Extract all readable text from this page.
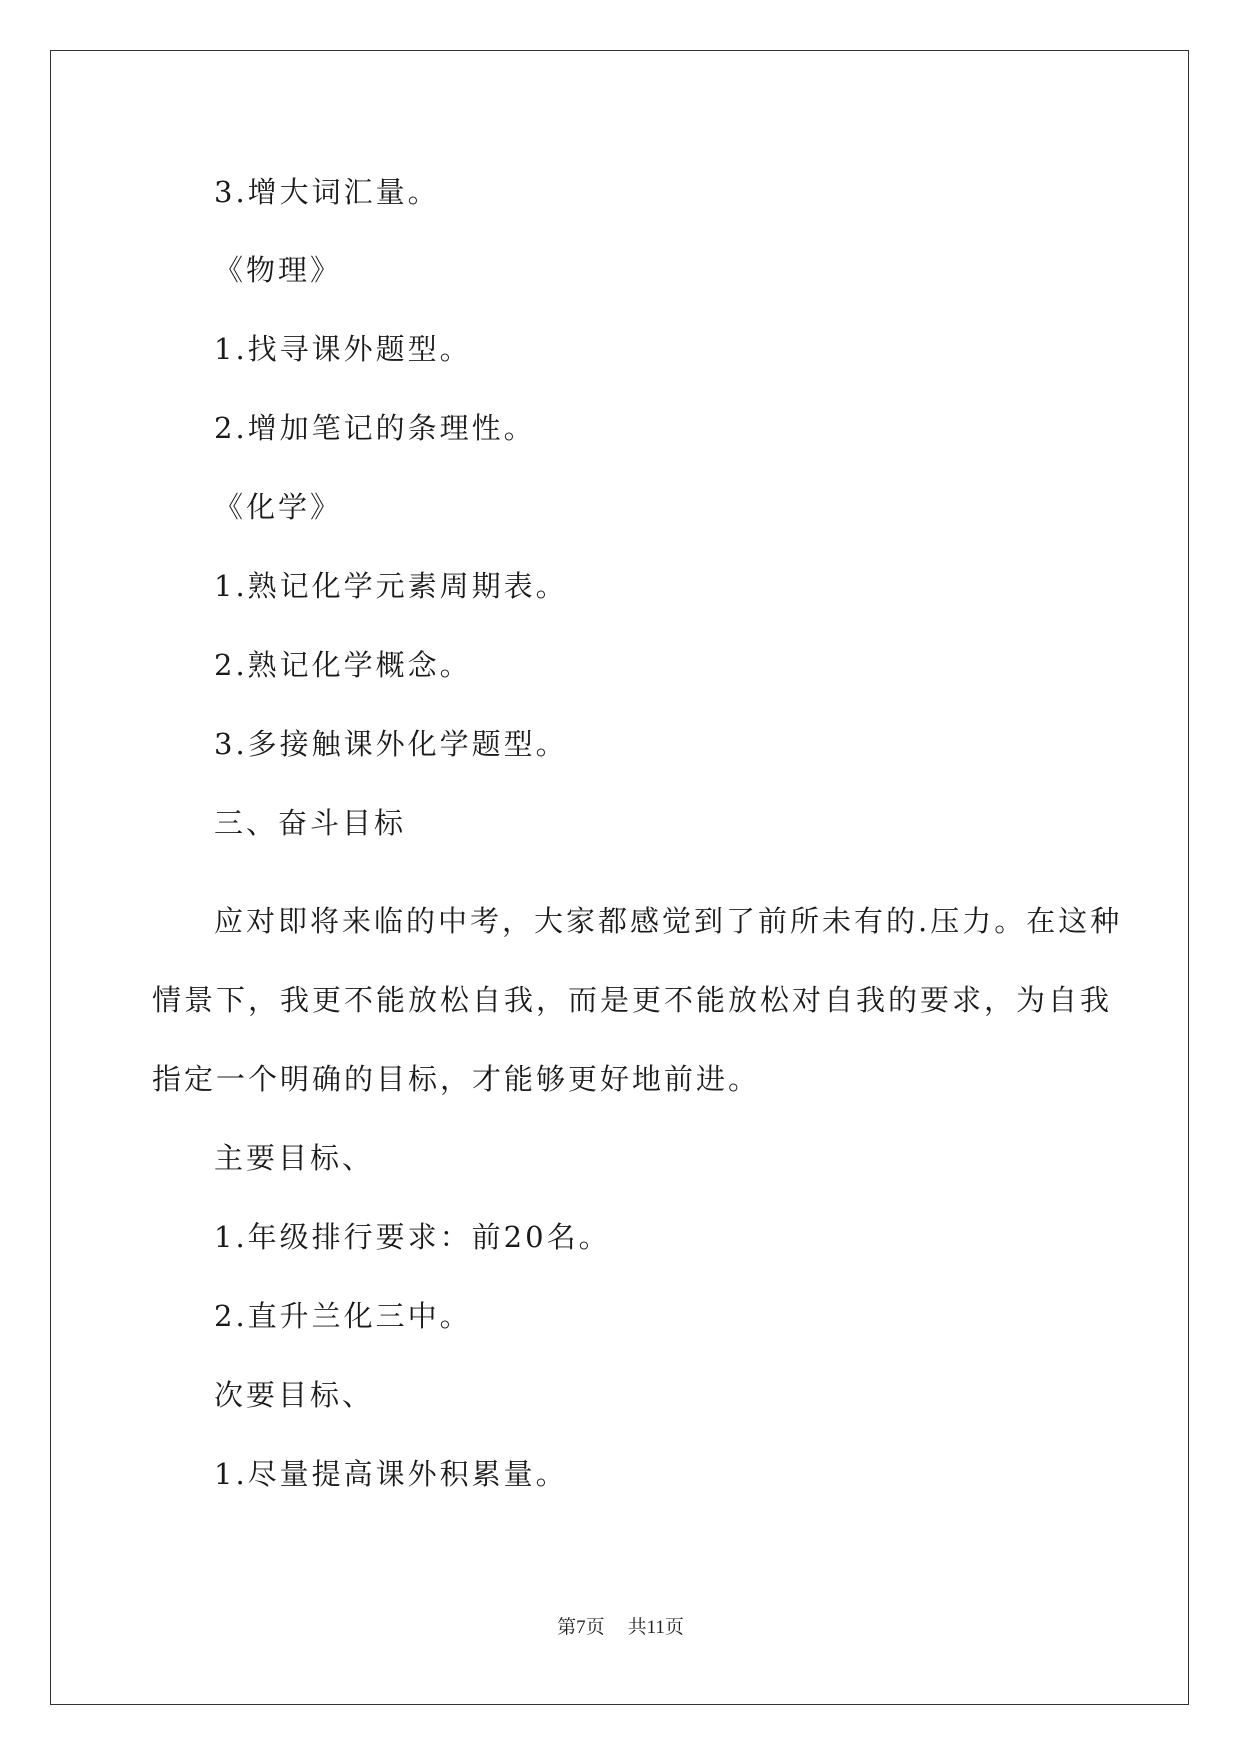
3.增大词汇量。
《物理》
1.找寻课外题型。
2.增加笔记的条理性。
《化学》
1.熟记化学元素周期表。
2.熟记化学概念。
3.多接触课外化学题型。
三、奋斗目标
应对即将来临的中考，大家都感觉到了前所未有的.压力。在这种
情景下，我更不能放松自我，而是更不能放松对自我的要求，为自我
指定一个明确的目标，才能够更好地前进。
主要目标、
1.年级排行要求：前20名。
2.直升兰化三中。
次要目标、
1.尽量提高课外积累量。
第7页 共11页
